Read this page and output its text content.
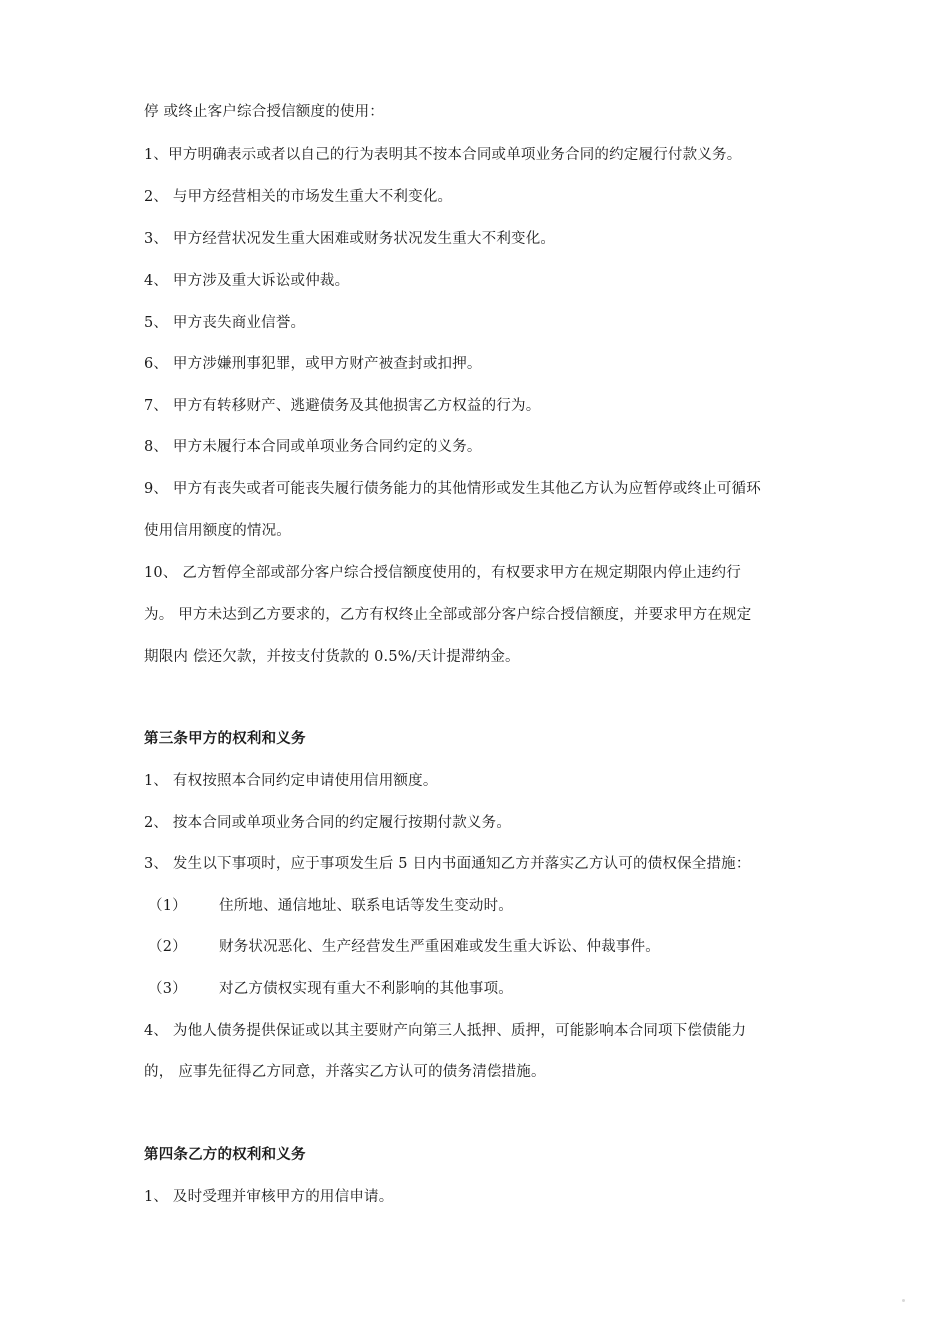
停 或终止客户综合授信额度的使用：

1、甲方明确表示或者以自己的行为表明其不按本合同或单项业务合同的约定履行付款义务。

2、 与甲方经营相关的市场发生重大不利变化。

3、 甲方经营状况发生重大困难或财务状况发生重大不利变化。

4、 甲方涉及重大诉讼或仲裁。

5、 甲方丧失商业信誉。

6、 甲方涉嫌刑事犯罪，或甲方财产被查封或扣押。

7、 甲方有转移财产、逃避债务及其他损害乙方权益的行为。

8、 甲方未履行本合同或单项业务合同约定的义务。

9、 甲方有丧失或者可能丧失履行债务能力的其他情形或发生其他乙方认为应暂停或终止可循环

使用信用额度的情况。

10、 乙方暂停全部或部分客户综合授信额度使用的，有权要求甲方在规定期限内停止违约行

为。 甲方未达到乙方要求的，乙方有权终止全部或部分客户综合授信额度，并要求甲方在规定

期限内 偿还欠款，并按支付货款的 0.5%/天计提滞纳金。

第三条甲方的权利和义务

1、 有权按照本合同约定申请使用信用额度。

2、 按本合同或单项业务合同的约定履行按期付款义务。

3、 发生以下事项时，应于事项发生后 5 日内书面通知乙方并落实乙方认可的债权保全措施：

（1） 住所地、通信地址、联系电话等发生变动时。

（2） 财务状况恶化、生产经营发生严重困难或发生重大诉讼、仲裁事件。

（3） 对乙方债权实现有重大不利影响的其他事项。

4、 为他人债务提供保证或以其主要财产向第三人抵押、质押，可能影响本合同项下偿债能力

的， 应事先征得乙方同意，并落实乙方认可的债务清偿措施。

第四条乙方的权利和义务

1、 及时受理并审核甲方的用信申请。
